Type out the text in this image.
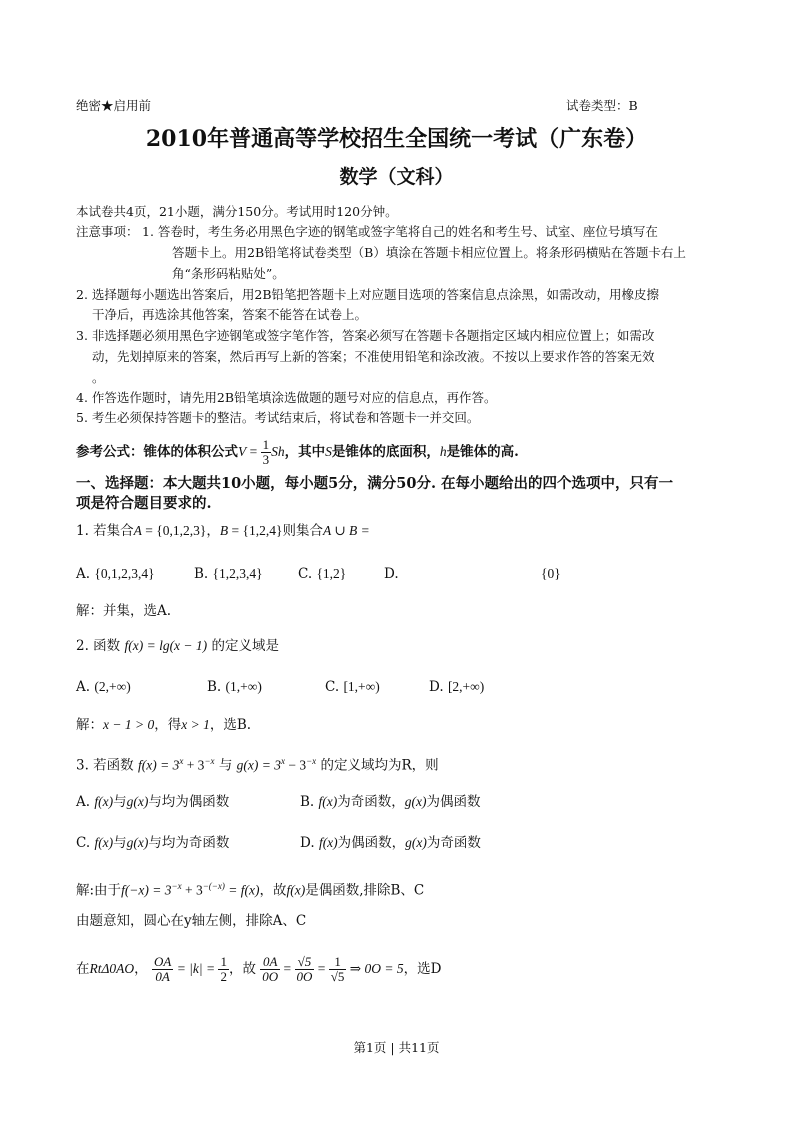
绝密★启用前	试卷类型：B
2010年普通高等学校招生全国统一考试（广东卷）
数学（文科）
本试卷共4页，21小题，满分150分。考试用时120分钟。
注意事项： 1. 答卷时，考生务必用黑色字迹的钢笔或签字笔将自己的姓名和考生号、试室、座位号填写在
答题卡上。用2B铅笔将试卷类型（B）填涂在答题卡相应位置上。将条形码横贴在答题卡右上
角“条形码粘贴处”。
2. 选择题每小题选出答案后，用2B铅笔把答题卡上对应题目选项的答案信息点涂黑，如需改动，用橡皮擦
干净后，再选涂其他答案，答案不能答在试卷上。
3. 非选择题必须用黑色字迹钢笔或签字笔作答，答案必须写在答题卡各题指定区域内相应位置上；如需改
动，先划掉原来的答案，然后再写上新的答案；不准使用铅笔和涂改液。不按以上要求作答的答案无效
。
4. 作答选作题时，请先用2B铅笔填涂选做题的题号对应的信息点，再作答。
5. 考生必须保持答题卡的整洁。考试结束后，将试卷和答题卡一并交回。
参考公式：锥体的体积公式$V = \frac{1}{3}$ Sh，其中S是锥体的底面积，h是锥体的高.
一、选择题：本大题共10小题，每小题5分，满分50分. 在每小题给出的四个选项中，只有一
项是符合题目要求的.
1. 若集合A = {0,1,2,3}，B = {1,2,4}则集合A ∪ B =
A. {0,1,2,3,4}	B. {1,2,3,4}	C. {1,2}	D.	{0}
解：并集，选A.
2. 函数 f(x) = lg(x − 1) 的定义域是
A. (2,+∞)	B. (1,+∞)	C. [1,+∞)	D. [2,+∞)
解：x − 1 > 0，得x > 1，选B.
3. 若函数 $f(x) = 3^x + 3^{-x}$ 与 $g(x) = 3^x - 3^{-x}$ 的定义域均为R，则
A. f(x)与g(x)与均为偶函数	B. f(x)为奇函数，g(x)为偶函数
C. f(x)与g(x)与均为奇函数	D. f(x)为偶函数，g(x)为奇函数
解:由于$f(-x) = 3^{-x} + 3^{-(-x)} = f(x)$，故f(x)是偶函数,排除B、C
由题意知，圆心在y轴左侧，排除A、C
在RtΔ0AO， $\frac{OA}{0A} = |k| = \frac{1}{2}$ ，故 $\frac{0A}{0O} = \frac{√5}{0O} = \frac{1}{√5}$ ⇒ 0O = 5，选D
第1页 | 共11页
